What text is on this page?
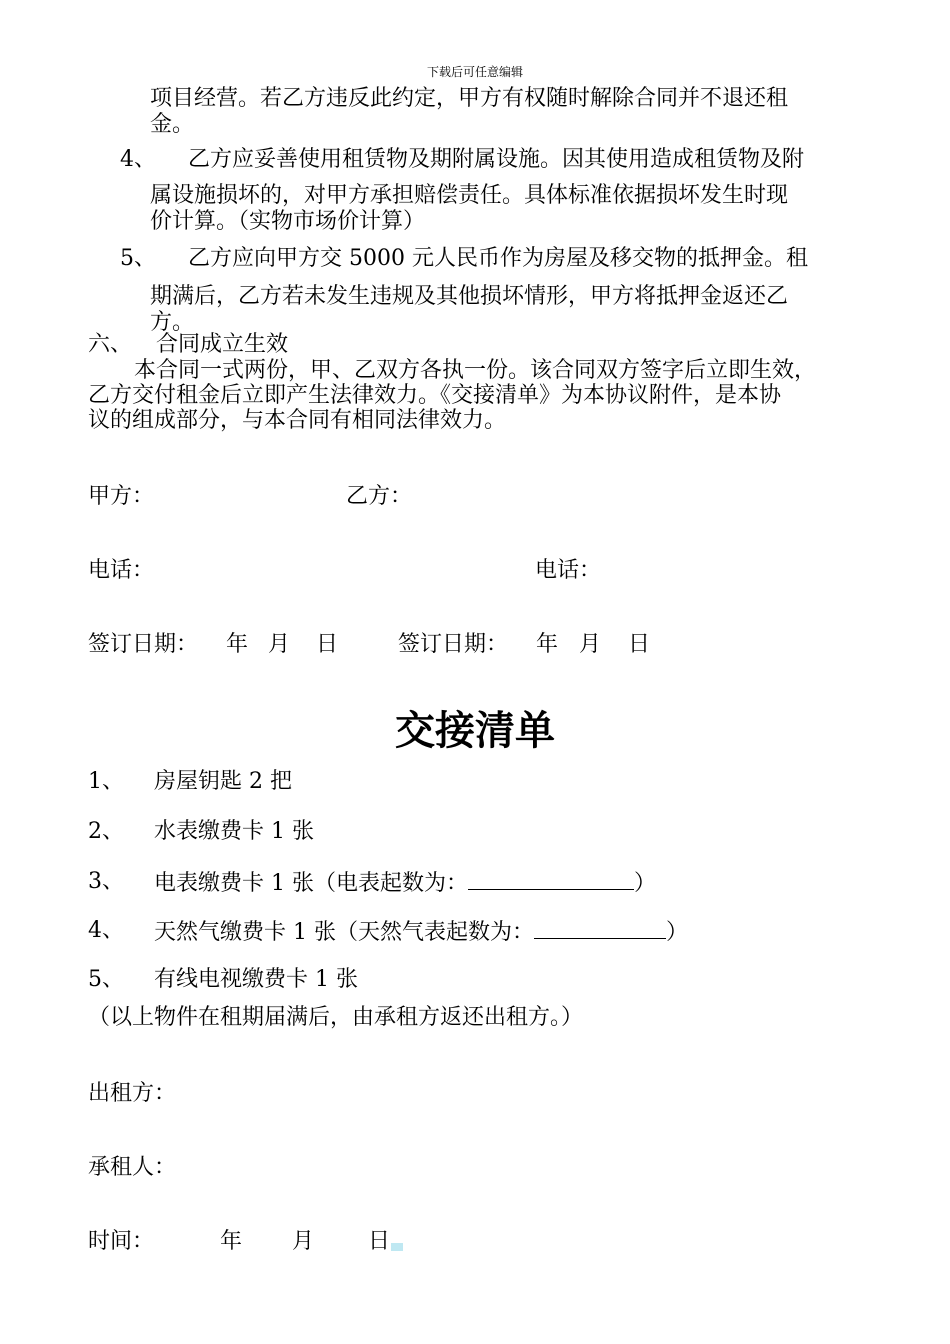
下载后可任意编辑
项目经营。若乙方违反此约定，甲方有权随时解除合同并不退还租
金。
4、 乙方应妥善使用租赁物及期附属设施。因其使用造成租赁物及附
属设施损坏的，对甲方承担赔偿责任。具体标准依据损坏发生时现
价计算。（实物市场价计算）
5、 乙方应向甲方交 5000 元人民币作为房屋及移交物的抵押金。租
期满后，乙方若未发生违规及其他损坏情形，甲方将抵押金返还乙
方。
六、 合同成立生效
本合同一式两份，甲、乙双方各执一份。该合同双方签字后立即生效，
乙方交付租金后立即产生法律效力。《交接清单》为本协议附件，是本协
议的组成部分，与本合同有相同法律效力。
甲方：	乙方：
电话：	电话：
签订日期： 年 月 日	签订日期： 年 月 日
交接清单
1、 房屋钥匙 2 把
2、 水表缴费卡 1 张
3、 电表缴费卡 1 张（电表起数为：	）
4、 天然气缴费卡 1 张（天然气表起数为：	）
5、 有线电视缴费卡 1 张
（以上物件在租期届满后，由承租方返还出租方。）
出租方：
承租人：
时间：	年 月 日
